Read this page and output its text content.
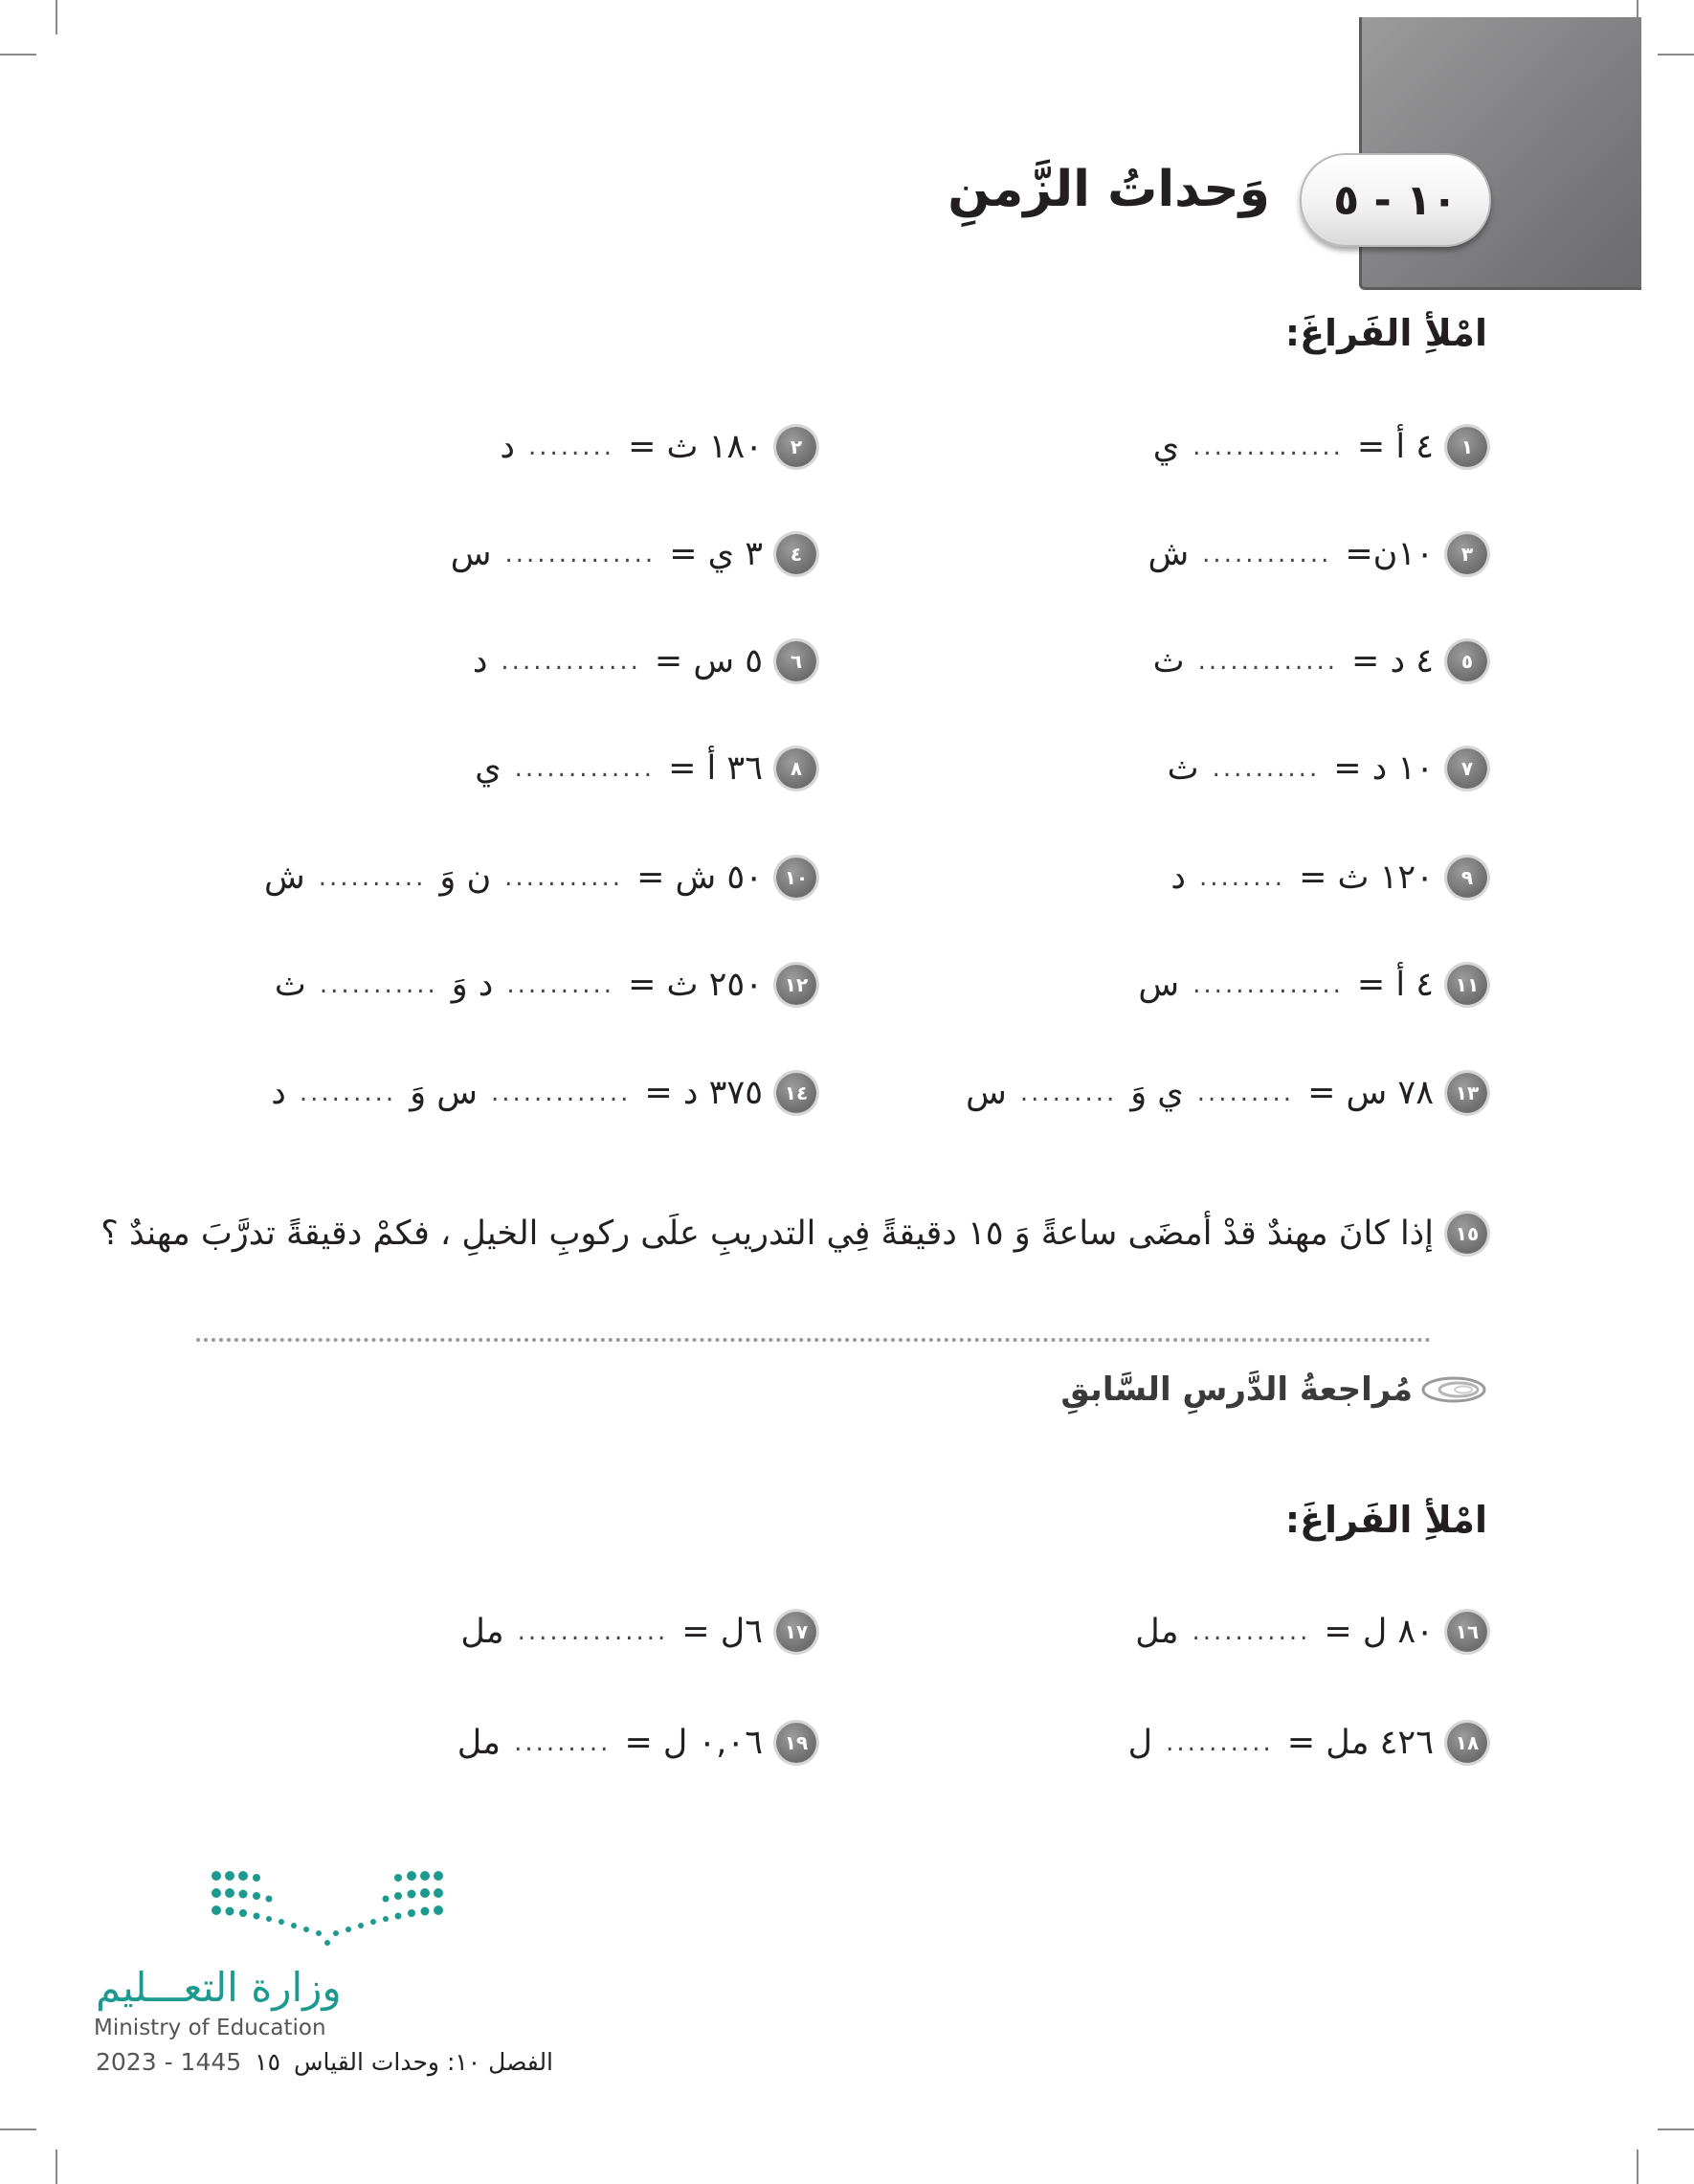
١٠ - ٥
وَحداتُ الزَّمنِ
امْلأِ الفَراغَ:
١
٤ أ =
..............
ي
٢
١٨٠ ث =
........
د
٣
١٠ن=
............
ش
٤
٣ ي =
..............
س
٥
٤ د =
.............
ث
٦
٥ س =
.............
د
٧
١٠ د =
..........
ث
٨
٣٦ أ =
.............
ي
٩
١٢٠ ث =
........
د
١٠
٥٠ ش =
...........
ن وَ
..........
ش
١١
٤ أ =
..............
س
١٢
٢٥٠ ث =
..........
د وَ
...........
ث
١٣
٧٨ س =
.........
ي وَ
.........
س
١٤
٣٧٥ د =
.............
س وَ
.........
د
١٥
إذا كانَ مهندٌ قدْ أمضَى ساعةً وَ ١٥ دقيقةً فِي التدريبِ علَى ركوبِ الخيلِ ، فكمْ دقيقةً تدرَّبَ مهندٌ ؟
مُراجعةُ الدَّرسِ السَّابقِ
امْلأِ الفَراغَ:
١٦
٨٠ ل =
...........
مل
١٧
٦ل =
..............
مل
١٨
٤٢٦ مل =
..........
ل
١٩
٠,٠٦ ل =
.........
مل
وزارة التعـــليم
Ministry of Education
2023 - 1445 ١٥ الفصل ١٠: وحدات القياس
